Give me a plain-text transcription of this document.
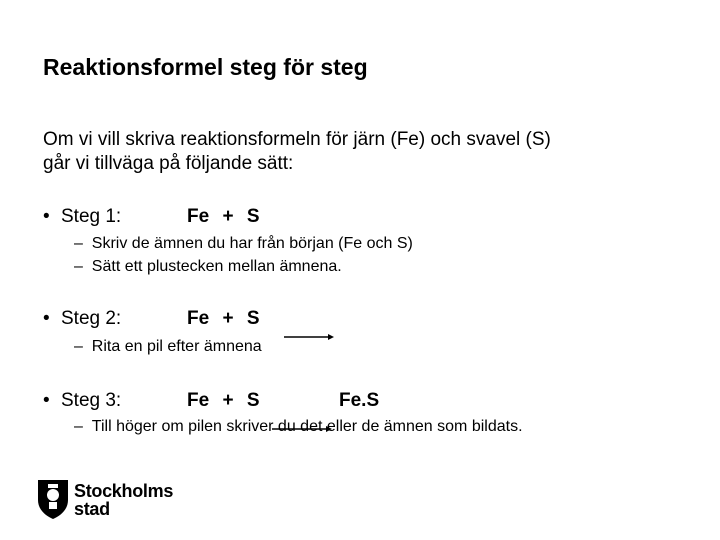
Reaktionsformel steg för steg
Om vi vill skriva reaktionsformeln för järn (Fe) och svavel (S)
går vi tillväga på följande sätt:
• Steg 1:	Fe + S
– Skriv de ämnen du har från början (Fe och S)
– Sätt ett plustecken mellan ämnena.
• Steg 2:	Fe + S
– Rita en pil efter ämnena
• Steg 3:	Fe + S	Fe.S
– Till höger om pilen skriver du det eller de ämnen som bildats.
Stockholms
stad
